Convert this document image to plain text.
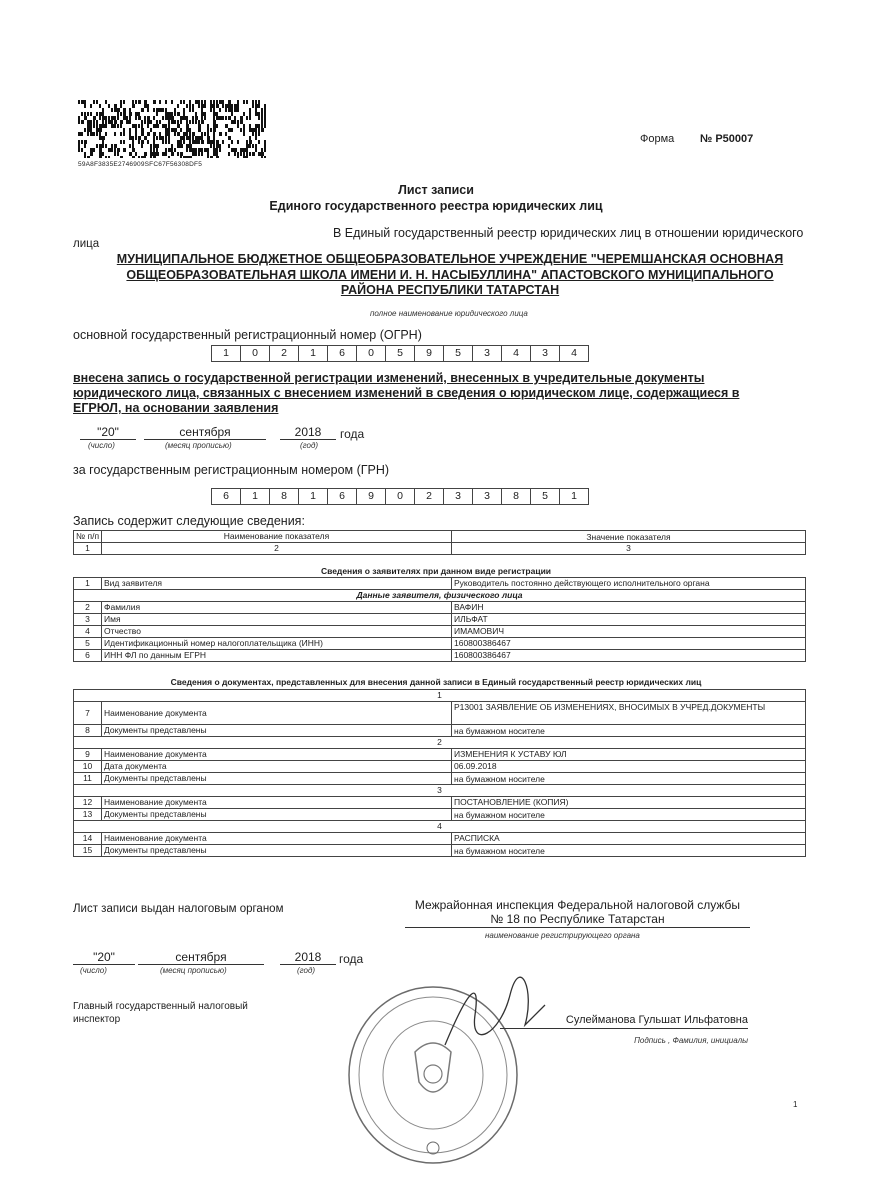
59A8F3835E2746909SFC67F56308DF5
Форма № Р50007
Лист записи
Единого государственного реестра юридических лиц
В Единый государственный реестр юридических лиц в отношении юридического
лица
МУНИЦИПАЛЬНОЕ БЮДЖЕТНОЕ ОБЩЕОБРАЗОВАТЕЛЬНОЕ УЧРЕЖДЕНИЕ "ЧЕРЕМШАНСКАЯ ОСНОВНАЯ
ОБЩЕОБРАЗОВАТЕЛЬНАЯ ШКОЛА ИМЕНИ И. Н. НАСЫБУЛЛИНА" АПАСТОВСКОГО МУНИЦИПАЛЬНОГО
РАЙОНА РЕСПУБЛИКИ ТАТАРСТАН
полное наименование юридического лица
основной государственный регистрационный номер (ОГРН)
1	0	2	1	6	0	5	9	5	3	4	3	4
внесена запись о государственной регистрации изменений, внесенных в учредительные документы
юридического лица, связанных с внесением изменений в сведения о юридическом лице, содержащиеся в
ЕГРЮЛ, на основании заявления
"20"	сентября	2018	года
(число)	(месяц прописью)	(год)
за государственным регистрационным номером (ГРН)
6	1	8	1	6	9	0	2	3	3	8	5	1
Запись содержит следующие сведения:
№ п/п	Наименование показателя	Значение показателя
1	2	3
Сведения о заявителях при данном виде регистрации
1	Вид заявителя	Руководитель постоянно действующего исполнительного органа
Данные заявителя, физического лица		
2	Фамилия	ВАФИН
3	Имя	ИЛЬФАТ
4	Отчество	ИМАМОВИЧ
5	Идентификационный номер налогоплательщика (ИНН)	160800386467
6	ИНН ФЛ по данным ЕГРН	160800386467
Сведения о документах, представленных для внесения данной записи в Единый государственный реестр юридических лиц
1		
7	Наименование документа	Р13001 ЗАЯВЛЕНИЕ ОБ ИЗМЕНЕНИЯХ, ВНОСИМЫХ В УЧРЕД.ДОКУМЕНТЫ
8	Документы представлены	на бумажном носителе
2		
9	Наименование документа	ИЗМЕНЕНИЯ К УСТАВУ ЮЛ
10	Дата документа	06.09.2018
11	Документы представлены	на бумажном носителе
3		
12	Наименование документа	ПОСТАНОВЛЕНИЕ (КОПИЯ)
13	Документы представлены	на бумажном носителе
4		
14	Наименование документа	РАСПИСКА
15	Документы представлены	на бумажном носителе
Лист записи выдан налоговым органом	Межрайонная инспекция Федеральной налоговой службы
№ 18 по Республике Татарстан
наименование регистрирующего органа
"20"	сентября	2018	года
(число)	(месяц прописью)	(год)
Главный государственный налоговый
инспектор	Сулейманова Гульшат Ильфатовна
Подпись , Фамилия, инициалы
1
